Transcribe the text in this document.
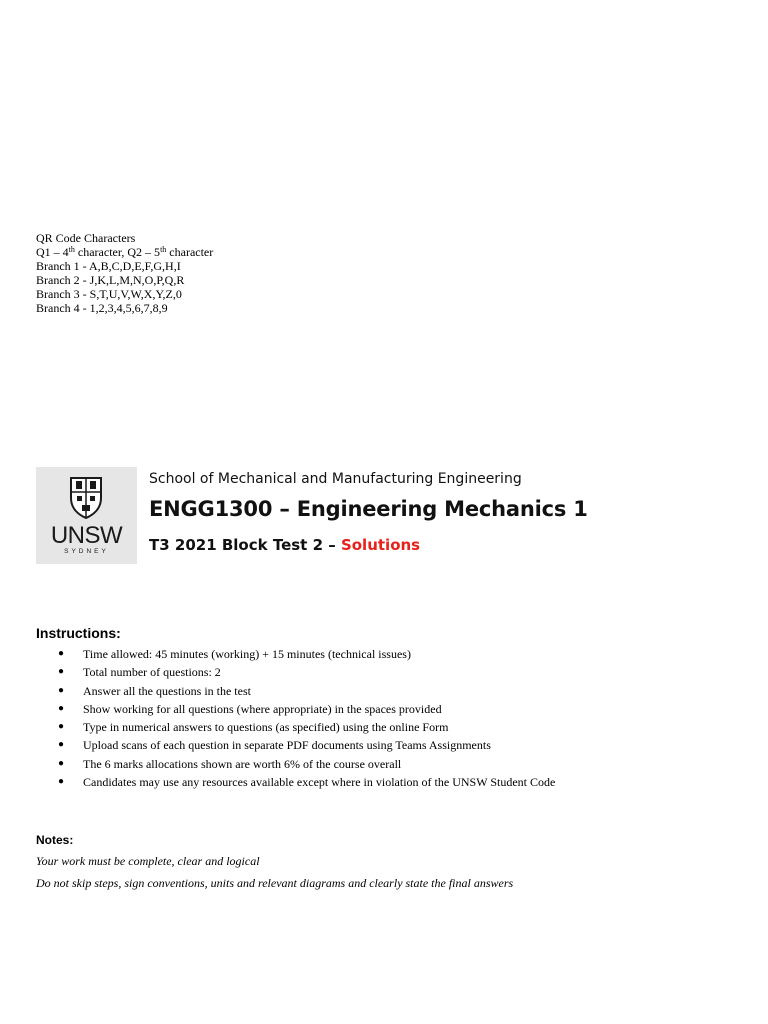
QR Code Characters
Q1 – 4th character, Q2 – 5th character
Branch 1 - A,B,C,D,E,F,G,H,I
Branch 2 - J,K,L,M,N,O,P,Q,R
Branch 3 - S,T,U,V,W,X,Y,Z,0
Branch 4 - 1,2,3,4,5,6,7,8,9
UNSW
SYDNEY
School of Mechanical and Manufacturing Engineering
ENGG1300 – Engineering Mechanics 1
T3 2021 Block Test 2 – Solutions
Instructions:
● Time allowed: 45 minutes (working) + 15 minutes (technical issues)
● Total number of questions: 2
● Answer all the questions in the test
● Show working for all questions (where appropriate) in the spaces provided
● Type in numerical answers to questions (as specified) using the online Form
● Upload scans of each question in separate PDF documents using Teams Assignments
● The 6 marks allocations shown are worth 6% of the course overall
● Candidates may use any resources available except where in violation of the UNSW Student Code
Notes:
Your work must be complete, clear and logical
Do not skip steps, sign conventions, units and relevant diagrams and clearly state the final answers
